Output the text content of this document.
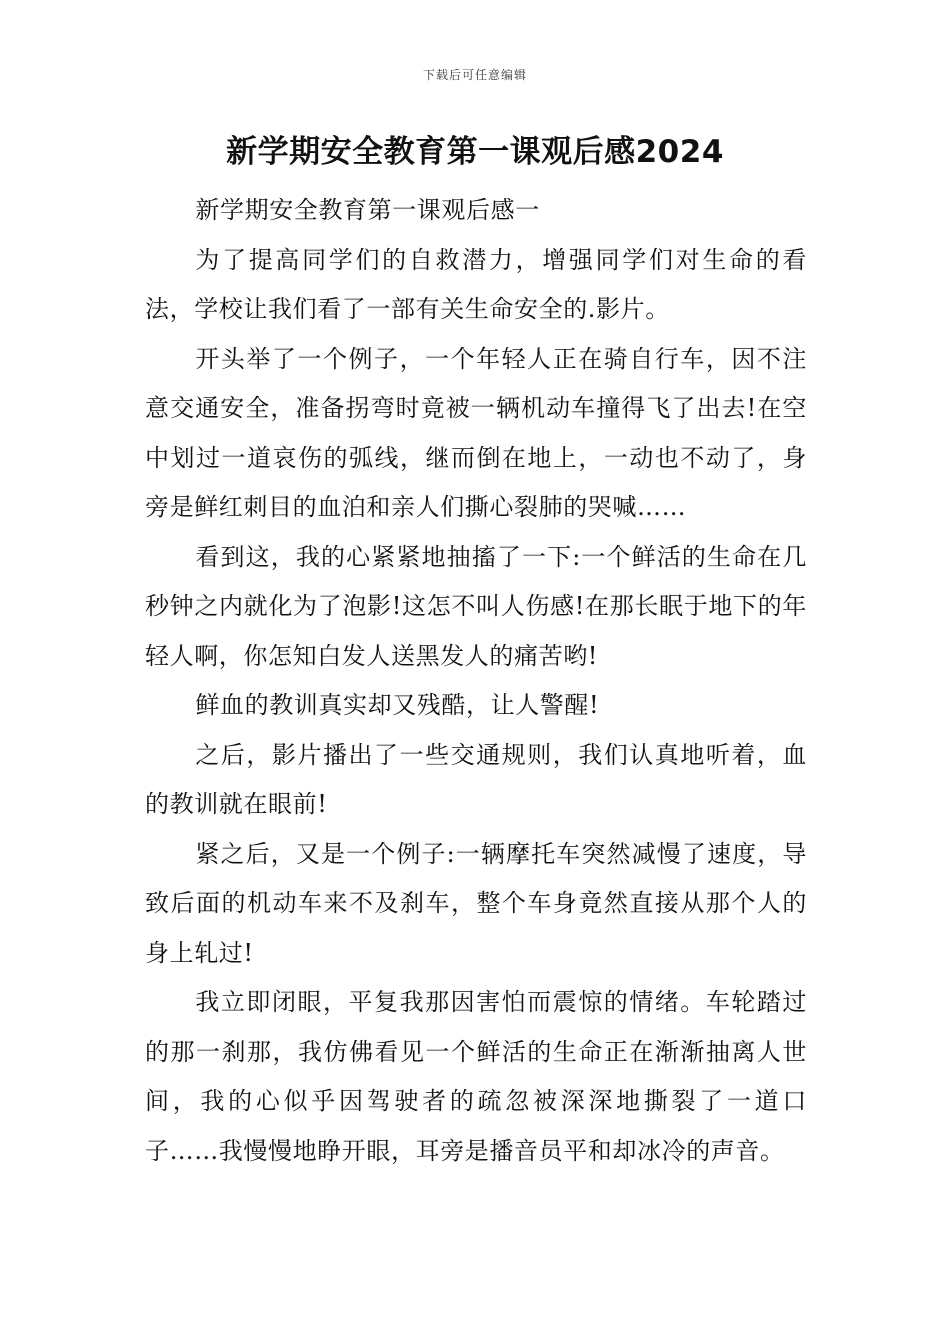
下载后可任意编辑
新学期安全教育第一课观后感2024

新学期安全教育第一课观后感一

为了提高同学们的自救潜力，增强同学们对生命的看法，学校让我们看了一部有关生命安全的.影片。

开头举了一个例子，一个年轻人正在骑自行车，因不注意交通安全，准备拐弯时竟被一辆机动车撞得飞了出去!在空中划过一道哀伤的弧线，继而倒在地上，一动也不动了，身旁是鲜红刺目的血泊和亲人们撕心裂肺的哭喊……

看到这，我的心紧紧地抽搐了一下:一个鲜活的生命在几秒钟之内就化为了泡影!这怎不叫人伤感!在那长眠于地下的年轻人啊，你怎知白发人送黑发人的痛苦哟!

鲜血的教训真实却又残酷，让人警醒!

之后，影片播出了一些交通规则，我们认真地听着，血的教训就在眼前!

紧之后，又是一个例子:一辆摩托车突然减慢了速度，导致后面的机动车来不及刹车，整个车身竟然直接从那个人的身上轧过!

我立即闭眼，平复我那因害怕而震惊的情绪。车轮踏过的那一刹那，我仿佛看见一个鲜活的生命正在渐渐抽离人世间，我的心似乎因驾驶者的疏忽被深深地撕裂了一道口子……我慢慢地睁开眼，耳旁是播音员平和却冰冷的声音。
